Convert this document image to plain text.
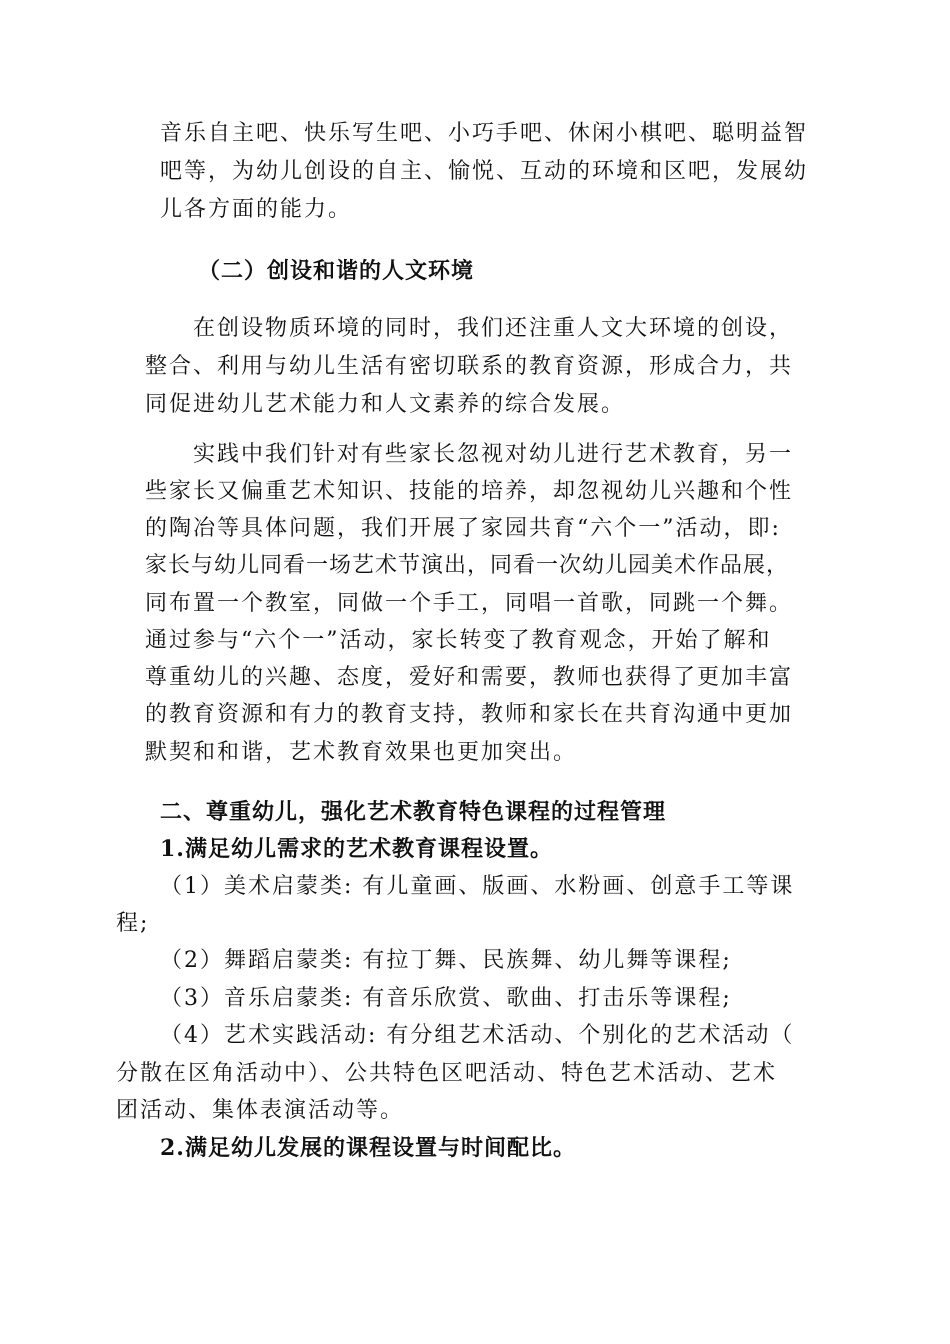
音乐自主吧、快乐写生吧、小巧手吧、休闲小棋吧、聪明益智

吧等，为幼儿创设的自主、愉悦、互动的环境和区吧，发展幼

儿各方面的能力。

（二）创设和谐的人文环境

在创设物质环境的同时，我们还注重人文大环境的创设，

整合、利用与幼儿生活有密切联系的教育资源，形成合力，共

同促进幼儿艺术能力和人文素养的综合发展。

实践中我们针对有些家长忽视对幼儿进行艺术教育，另一

些家长又偏重艺术知识、技能的培养，却忽视幼儿兴趣和个性

的陶冶等具体问题，我们开展了家园共育“六个一”活动，即:

家长与幼儿同看一场艺术节演出，同看一次幼儿园美术作品展，

同布置一个教室，同做一个手工，同唱一首歌，同跳一个舞。

通过参与“六个一”活动，家长转变了教育观念，开始了解和

尊重幼儿的兴趣、态度，爱好和需要，教师也获得了更加丰富

的教育资源和有力的教育支持，教师和家长在共育沟通中更加

默契和和谐，艺术教育效果也更加突出。

二、尊重幼儿，强化艺术教育特色课程的过程管理

1.满足幼儿需求的艺术教育课程设置。

（1）美术启蒙类: 有儿童画、版画、水粉画、创意手工等课

程;

（2）舞蹈启蒙类: 有拉丁舞、民族舞、幼儿舞等课程;

（3）音乐启蒙类: 有音乐欣赏、歌曲、打击乐等课程;

（4）艺术实践活动: 有分组艺术活动、个别化的艺术活动（

分散在区角活动中）、公共特色区吧活动、特色艺术活动、艺术

团活动、集体表演活动等。

2.满足幼儿发展的课程设置与时间配比。
